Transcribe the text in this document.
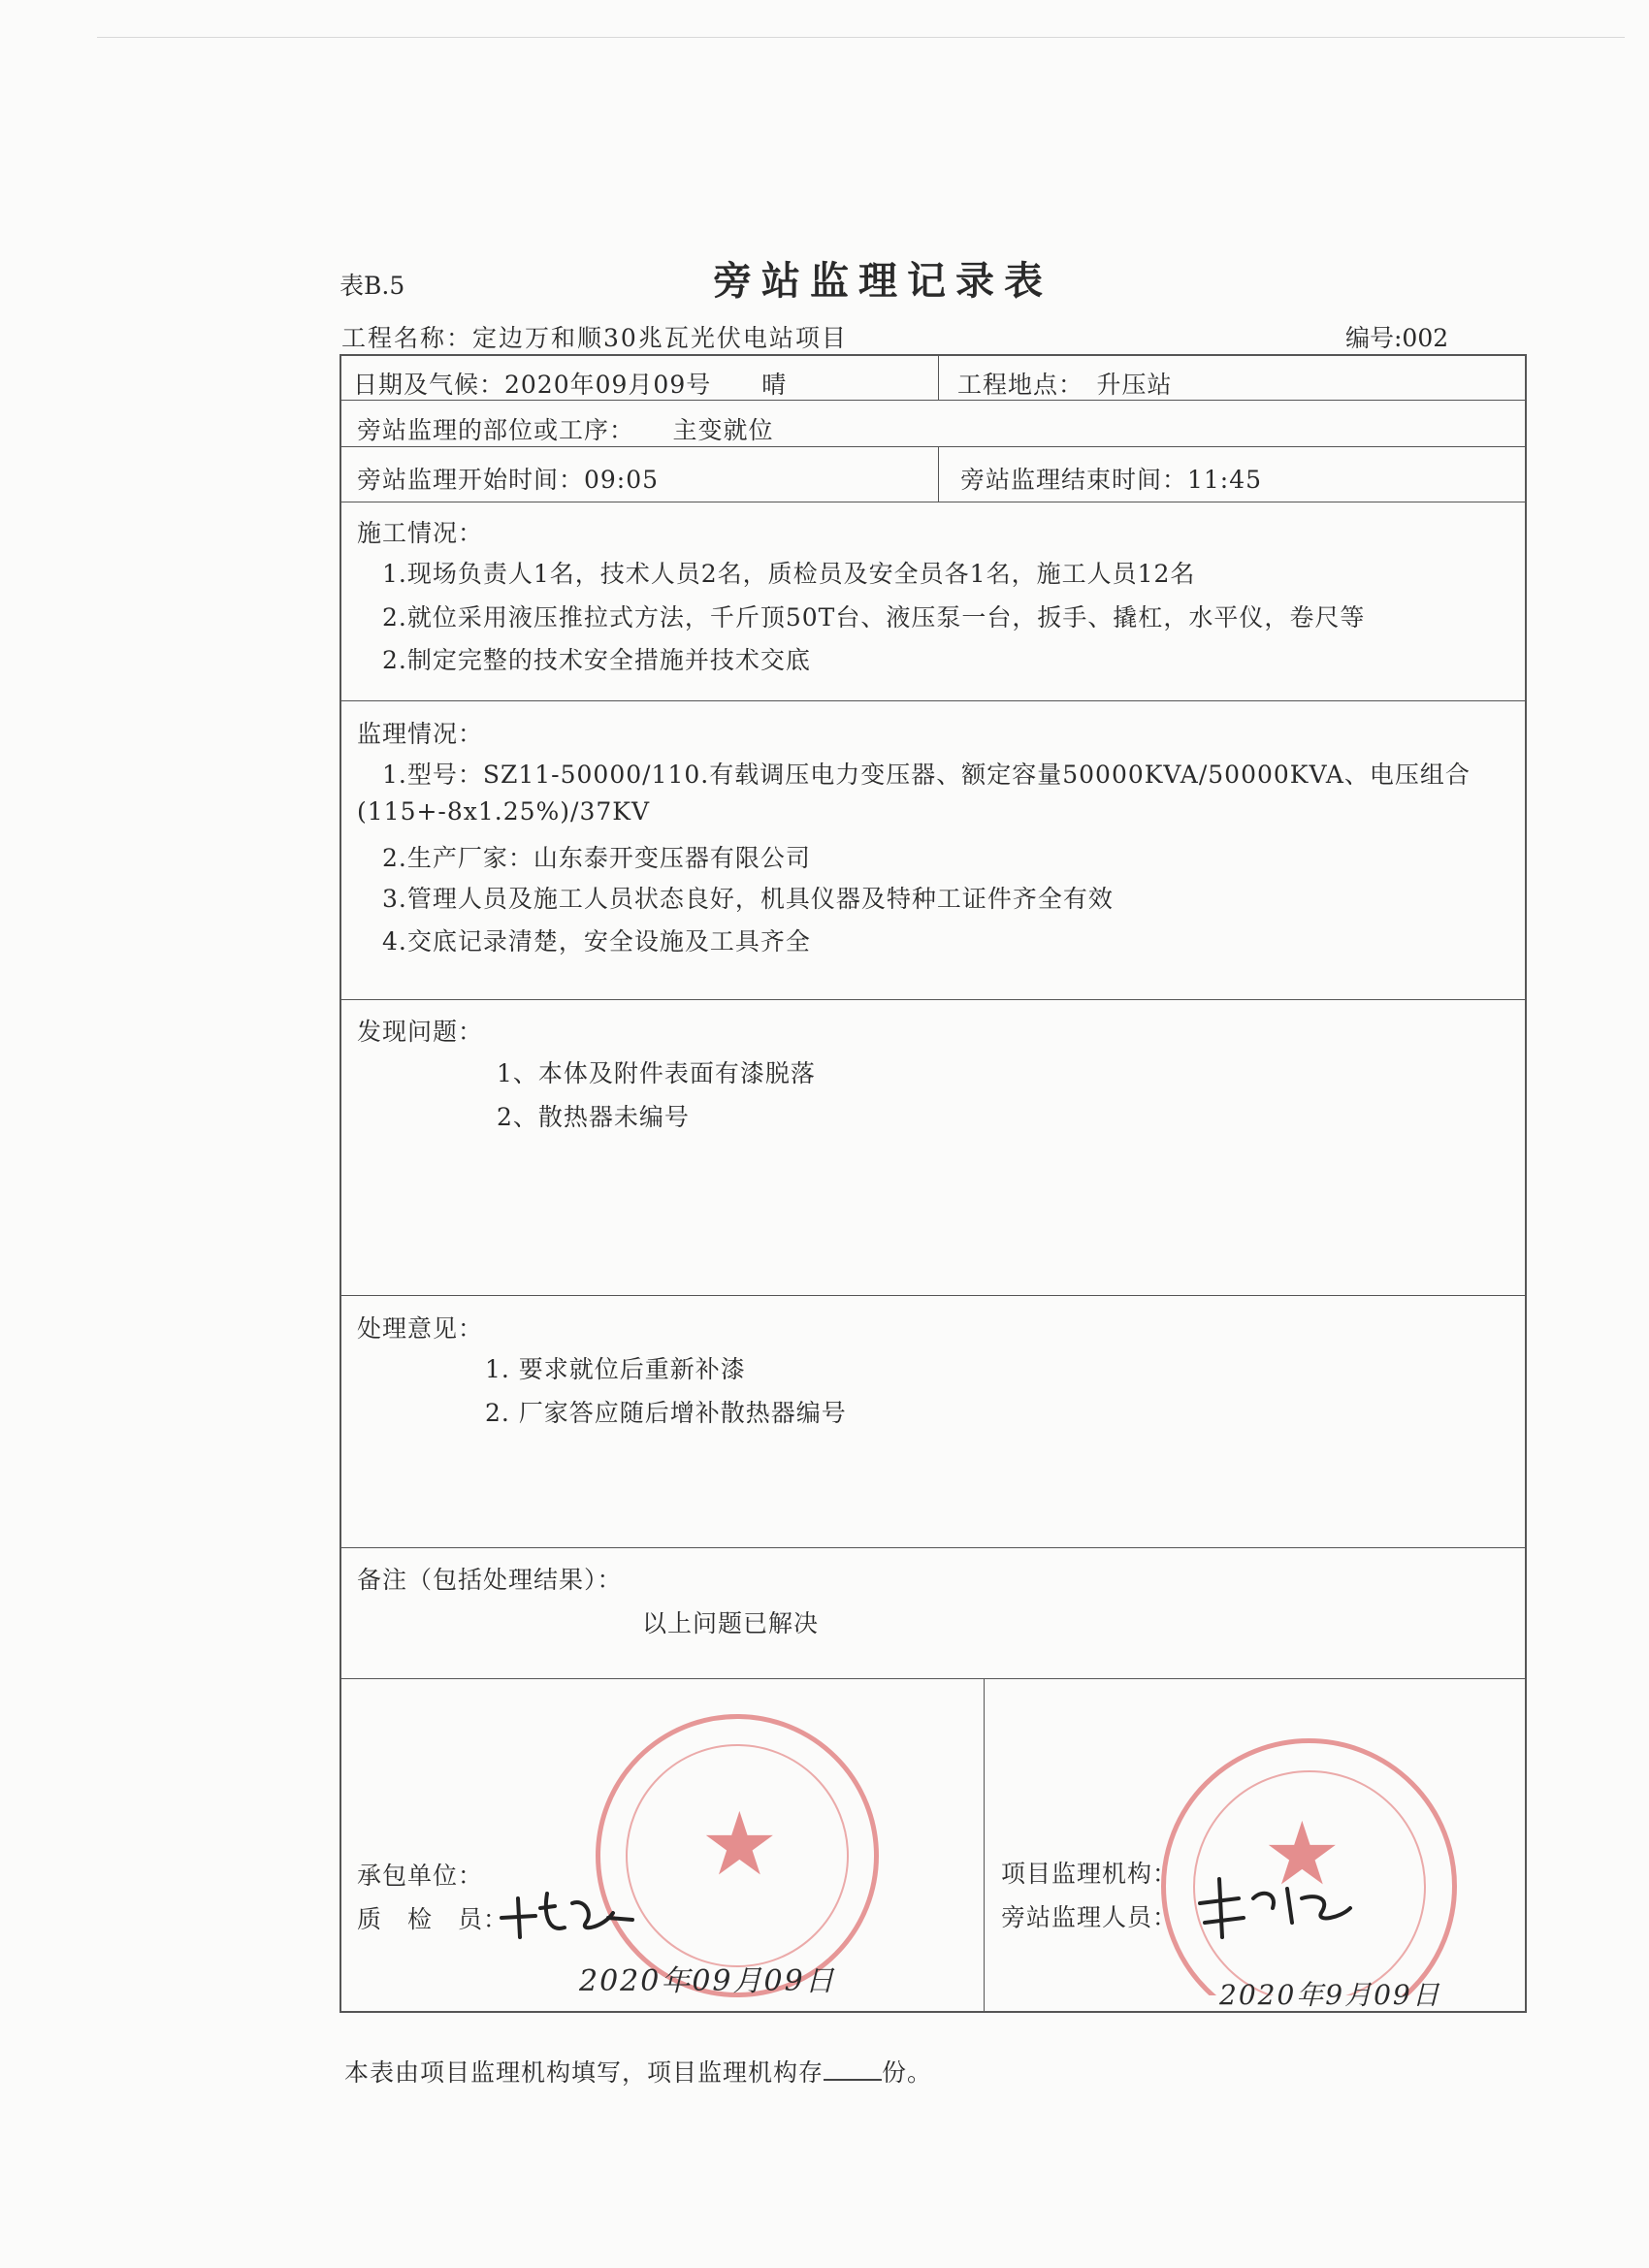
表B.5	旁站监理记录表
工程名称：定边万和顺30兆瓦光伏电站项目	编号:002
日期及气候：2020年09月09号　　晴	工程地点：　升压站
旁站监理的部位或工序：　　主变就位
旁站监理开始时间：09:05	旁站监理结束时间：11:45
施工情况：
1.现场负责人1名，技术人员2名，质检员及安全员各1名，施工人员12名
2.就位采用液压推拉式方法，千斤顶50T台、液压泵一台，扳手、撬杠，水平仪，卷尺等
2.制定完整的技术安全措施并技术交底
监理情况：
1.型号：SZ11-50000/110.有载调压电力变压器、额定容量50000KVA/50000KVA、电压组合
(115+-8x1.25%)/37KV
2.生产厂家：山东泰开变压器有限公司
3.管理人员及施工人员状态良好，机具仪器及特种工证件齐全有效
4.交底记录清楚，安全设施及工具齐全
发现问题：
1、本体及附件表面有漆脱落
2、散热器未编号
处理意见：
1. 要求就位后重新补漆
2. 厂家答应随后增补散热器编号
备注（包括处理结果）：
以上问题已解决
★
承包单位：
质　检　员：
2020年09月09日
★
项目监理机构：
旁站监理人员：
2020年9月09日
本表由项目监理机构填写，项目监理机构存 份。
